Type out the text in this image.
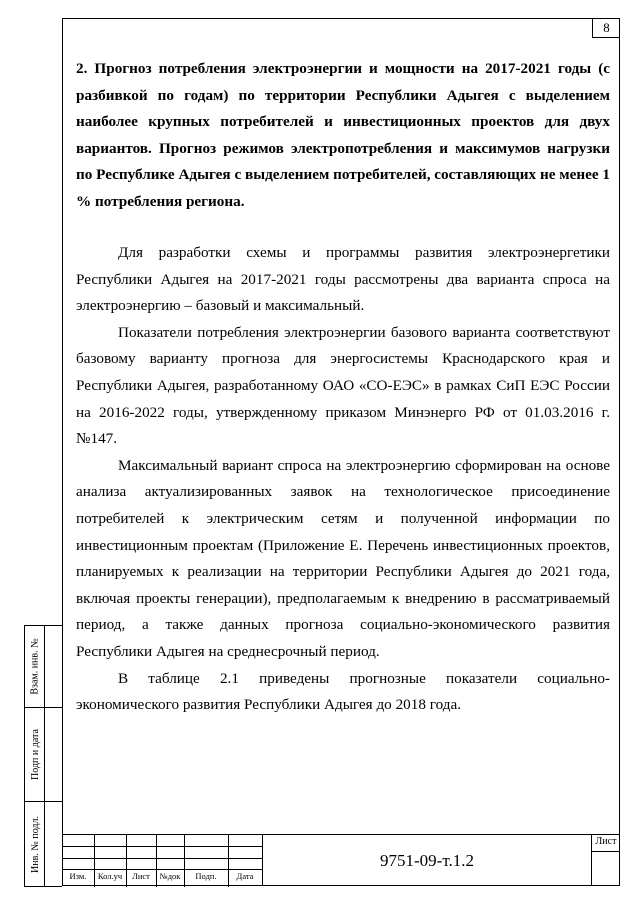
8
2. Прогноз потребления электроэнергии и мощности на 2017-2021 годы (с разбивкой по годам) по территории Республики Адыгея с выделением наиболее крупных потребителей и инвестиционных проектов для двух вариантов. Прогноз режимов электропотребления и максимумов нагрузки по Республике Адыгея с выделением потребителей, составляющих не менее 1 % потребления региона.

Для разработки схемы и программы развития электроэнергетики Республики Адыгея на 2017-2021 годы рассмотрены два варианта спроса на электроэнергию – базовый и максимальный.

Показатели потребления электроэнергии базового варианта соответствуют базовому варианту прогноза для энергосистемы Краснодарского края и Республики Адыгея, разработанному ОАО «СО-ЕЭС» в рамках СиП ЕЭС России на 2016-2022 годы, утвержденному приказом Минэнерго РФ от 01.03.2016 г. №147.

Максимальный вариант спроса на электроэнергию сформирован на основе анализа актуализированных заявок на технологическое присоединение потребителей к электрическим сетям и полученной информации по инвестиционным проектам (Приложение Е. Перечень инвестиционных проектов, планируемых к реализации на территории Республики Адыгея до 2021 года, включая проекты генерации), предполагаемым к внедрению в рассматриваемый период, а также данных прогноза социально-экономического развития Республики Адыгея на среднесрочный период.

В таблице 2.1 приведены прогнозные показатели социально-экономического развития Республики Адыгея до 2018 года.

Взам. инв. №
Подп и дата
Инв. № подл.
Изм.	Кол.уч	Лист	№док	Подп.	Дата
9751-09-т.1.2
Лист
